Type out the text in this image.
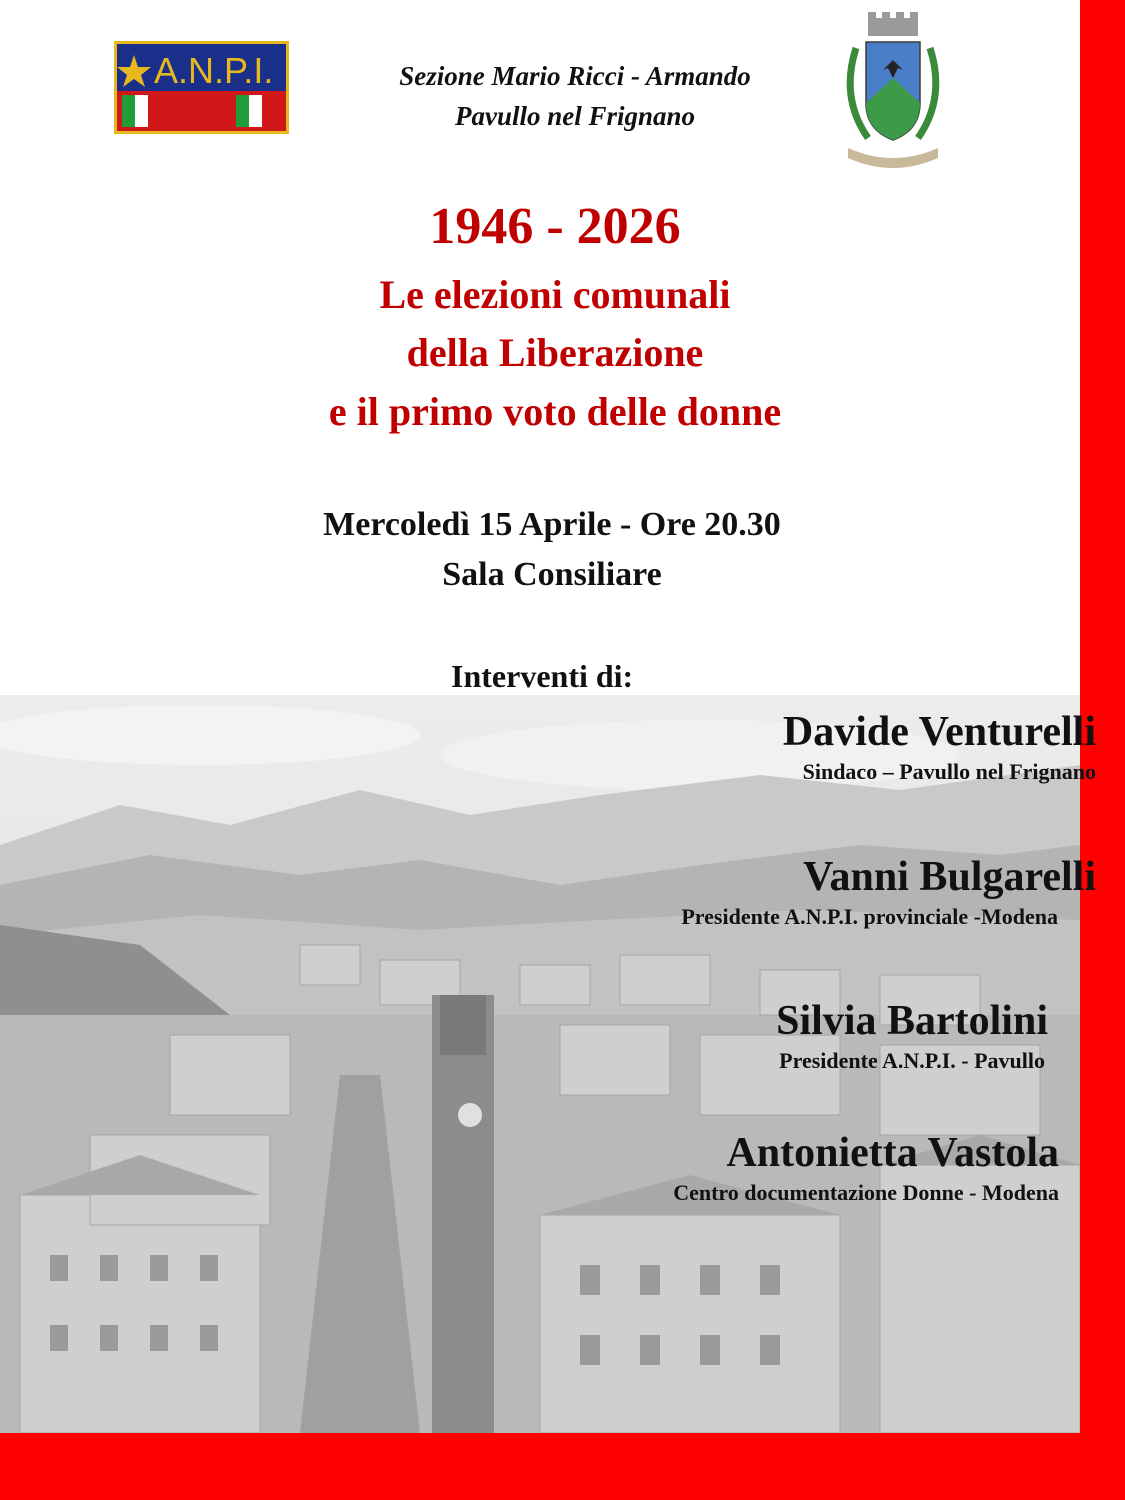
A.N.P.I.	Sezione Mario Ricci - Armando
Pavullo nel Frignano
1946 - 2026
Le elezioni comunali
della Liberazione
e il primo voto delle donne
Mercoledì 15 Aprile - Ore 20.30
Sala Consiliare
Interventi di:
Davide Venturelli
Sindaco – Pavullo nel Frignano
Vanni Bulgarelli
Presidente A.N.P.I. provinciale -Modena
Silvia Bartolini
Presidente A.N.P.I. - Pavullo
Antonietta Vastola
Centro documentazione Donne - Modena
